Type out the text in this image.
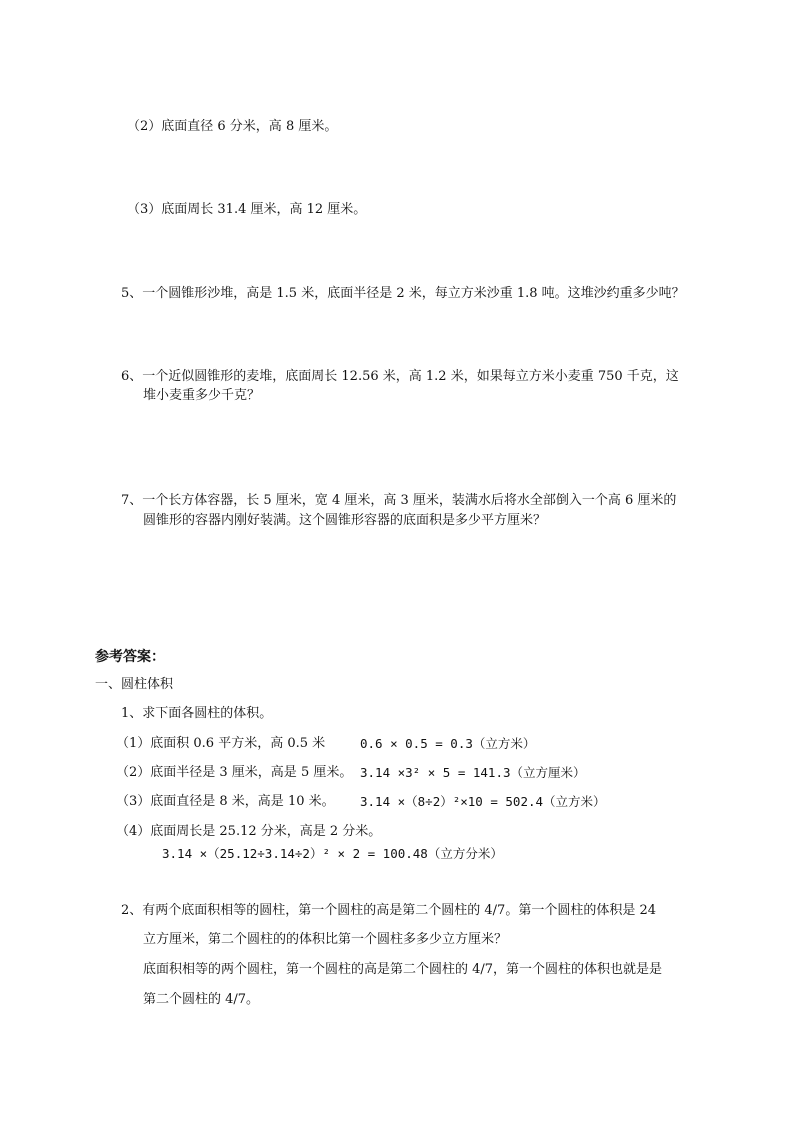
（2）底面直径 6 分米，高 8 厘米。
（3）底面周长 31.4 厘米，高 12 厘米。
5、一个圆锥形沙堆，高是 1.5 米，底面半径是 2 米，每立方米沙重 1.8 吨。这堆沙约重多少吨？
6、一个近似圆锥形的麦堆，底面周长 12.56 米，高 1.2 米，如果每立方米小麦重 750 千克，这
堆小麦重多少千克？
7、一个长方体容器，长 5 厘米，宽 4 厘米，高 3 厘米，装满水后将水全部倒入一个高 6 厘米的
圆锥形的容器内刚好装满。这个圆锥形容器的底面积是多少平方厘米？
参考答案：
一、圆柱体积
1、求下面各圆柱的体积。
（1）底面积 0.6 平方米，高 0.5 米	0.6 × 0.5 = 0.3（立方米）
（2）底面半径是 3 厘米，高是 5 厘米。 3.14 ×3² × 5 = 141.3（立方厘米）
（3）底面直径是 8 米，高是 10 米。 3.14 ×（8÷2）²×10 = 502.4（立方米）
（4）底面周长是 25.12 分米，高是 2 分米。
3.14 ×（25.12÷3.14÷2）² × 2 = 100.48（立方分米）
2、有两个底面积相等的圆柱，第一个圆柱的高是第二个圆柱的 4/7。第一个圆柱的体积是 24
立方厘米，第二个圆柱的的体积比第一个圆柱多多少立方厘米？
底面积相等的两个圆柱，第一个圆柱的高是第二个圆柱的 4/7，第一个圆柱的体积也就是是
第二个圆柱的 4/7。
